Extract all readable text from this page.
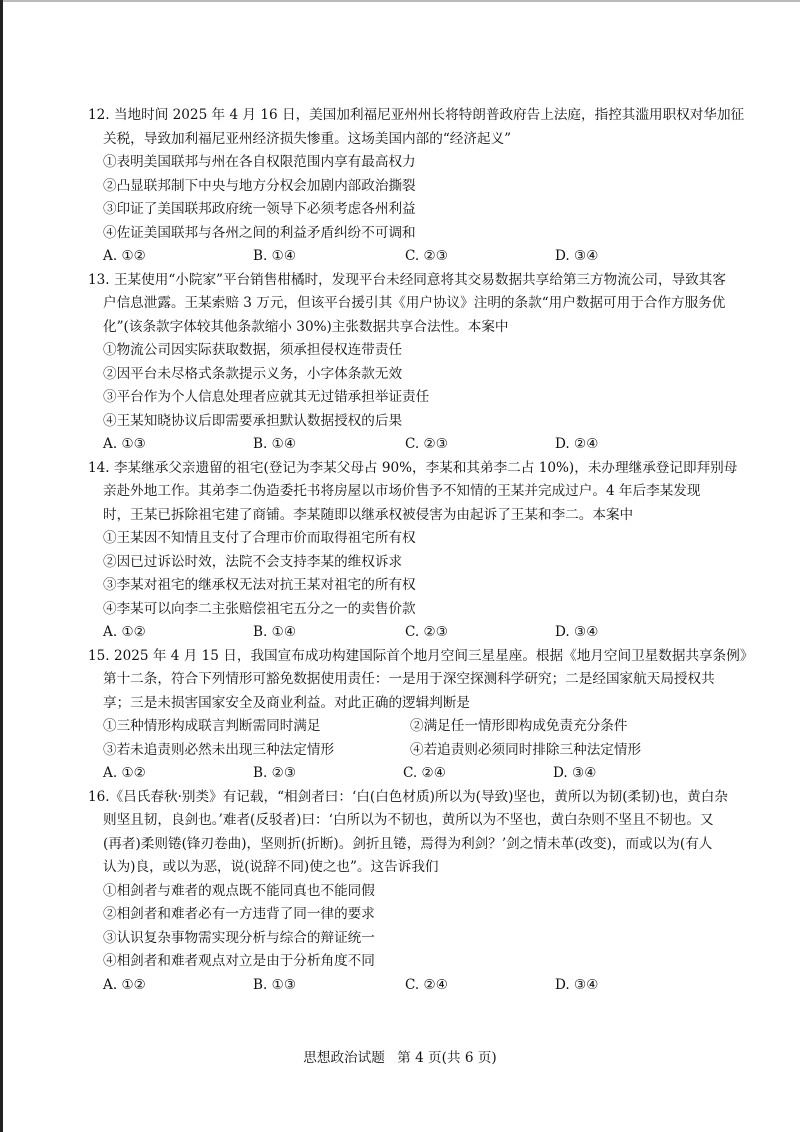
12. 当地时间 2025 年 4 月 16 日，美国加利福尼亚州州长将特朗普政府告上法庭，指控其滥用职权对华加征

关税，导致加利福尼亚州经济损失惨重。这场美国内部的“经济起义”

①表明美国联邦与州在各自权限范围内享有最高权力

②凸显联邦制下中央与地方分权会加剧内部政治撕裂

③印证了美国联邦政府统一领导下必须考虑各州利益

④佐证美国联邦与各州之间的利益矛盾纠纷不可调和

A. ①②	B. ①④	C. ②③	D. ③④

13. 王某使用“小院家”平台销售柑橘时，发现平台未经同意将其交易数据共享给第三方物流公司，导致其客

户信息泄露。王某索赔 3 万元，但该平台援引其《用户协议》注明的条款“用户数据可用于合作方服务优

化”(该条款字体较其他条款缩小 30%)主张数据共享合法性。本案中

①物流公司因实际获取数据，须承担侵权连带责任

②因平台未尽格式条款提示义务，小字体条款无效

③平台作为个人信息处理者应就其无过错承担举证责任

④王某知晓协议后即需要承担默认数据授权的后果

A. ①③	B. ①④	C. ②③	D. ②④

14. 李某继承父亲遗留的祖宅(登记为李某父母占 90%，李某和其弟李二占 10%)，未办理继承登记即拜别母

亲赴外地工作。其弟李二伪造委托书将房屋以市场价售予不知情的王某并完成过户。4 年后李某发现

时，王某已拆除祖宅建了商铺。李某随即以继承权被侵害为由起诉了王某和李二。本案中

①王某因不知情且支付了合理市价而取得祖宅所有权

②因已过诉讼时效，法院不会支持李某的维权诉求

③李某对祖宅的继承权无法对抗王某对祖宅的所有权

④李某可以向李二主张赔偿祖宅五分之一的卖售价款

A. ①②	B. ①④	C. ②③	D. ③④

15. 2025 年 4 月 15 日，我国宣布成功构建国际首个地月空间三星星座。根据《地月空间卫星数据共享条例》

第十二条，符合下列情形可豁免数据使用责任：一是用于深空探测科学研究；二是经国家航天局授权共

享；三是未损害国家安全及商业利益。对此正确的逻辑判断是

①三种情形构成联言判断需同时满足	②满足任一情形即构成免责充分条件
③若未追责则必然未出现三种法定情形	④若追责则必须同时排除三种法定情形
A. ①②	B. ②③	C. ②④	D. ③④

16.《吕氏春秋·别类》有记载，“相剑者曰：‘白(白色材质)所以为(导致)坚也，黄所以为韧(柔韧)也，黄白杂

则坚且韧，良剑也。’难者(反驳者)曰：‘白所以为不韧也，黄所以为不坚也，黄白杂则不坚且不韧也。又

(再者)柔则锩(锋刃卷曲)，坚则折(折断)。剑折且锩，焉得为利剑？’剑之情未革(改变)，而或以为(有人

认为)良，或以为恶，说(说辞不同)使之也”。这告诉我们

①相剑者与难者的观点既不能同真也不能同假

②相剑者和难者必有一方违背了同一律的要求

③认识复杂事物需实现分析与综合的辩证统一

④相剑者和难者观点对立是由于分析角度不同

A. ①②	B. ①③	C. ②④	D. ③④
思想政治试题 第 4 页(共 6 页)
